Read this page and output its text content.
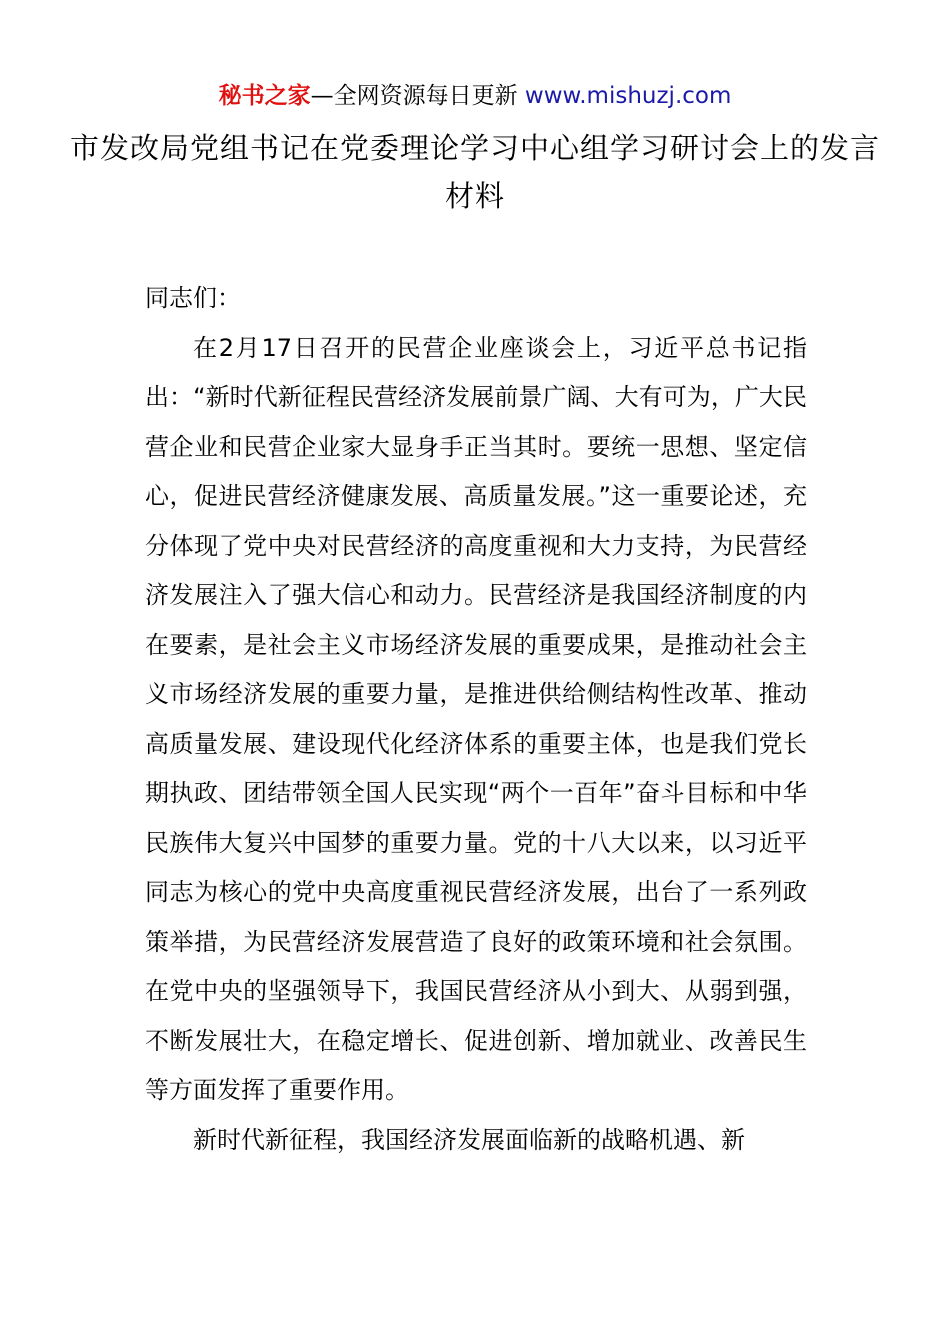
秘书之家—全网资源每日更新 www.mishuzj.com
市发改局党组书记在党委理论学习中心组学习研讨会上的发言材料

同志们：

在2月17日召开的民营企业座谈会上，习近平总书记指出：“新时代新征程民营经济发展前景广阔、大有可为，广大民营企业和民营企业家大显身手正当其时。要统一思想、坚定信心，促进民营经济健康发展、高质量发展。”这一重要论述，充分体现了党中央对民营经济的高度重视和大力支持，为民营经济发展注入了强大信心和动力。民营经济是我国经济制度的内在要素，是社会主义市场经济发展的重要成果，是推动社会主义市场经济发展的重要力量，是推进供给侧结构性改革、推动高质量发展、建设现代化经济体系的重要主体，也是我们党长期执政、团结带领全国人民实现“两个一百年”奋斗目标和中华民族伟大复兴中国梦的重要力量。党的十八大以来，以习近平同志为核心的党中央高度重视民营经济发展，出台了一系列政策举措，为民营经济发展营造了良好的政策环境和社会氛围。在党中央的坚强领导下，我国民营经济从小到大、从弱到强，不断发展壮大，在稳定增长、促进创新、增加就业、改善民生等方面发挥了重要作用。

新时代新征程，我国经济发展面临新的战略机遇、新
